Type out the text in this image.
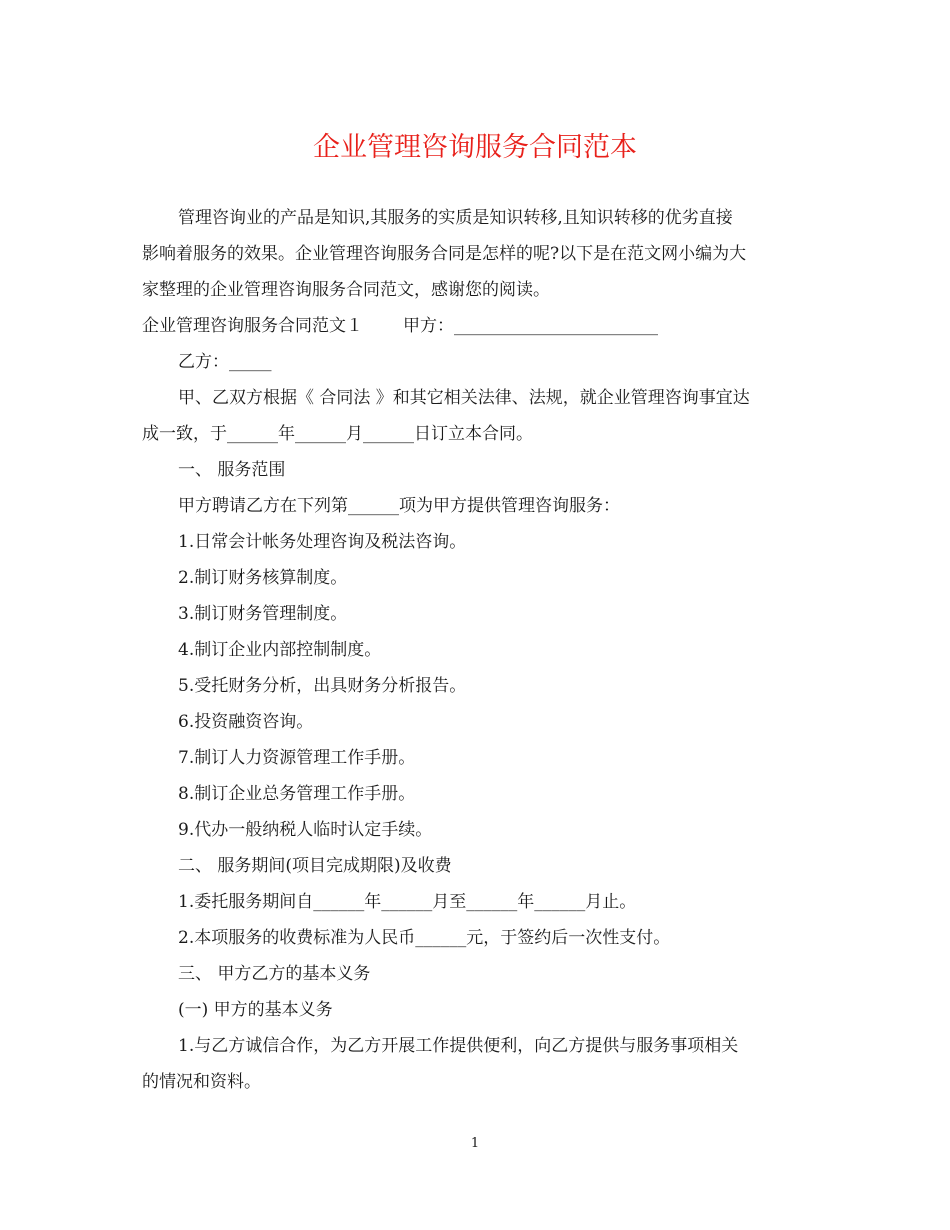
企业管理咨询服务合同范本

管理咨询业的产品是知识,其服务的实质是知识转移,且知识转移的优劣直接

影响着服务的效果。企业管理咨询服务合同是怎样的呢?以下是在范文网小编为大

家整理的企业管理咨询服务合同范文，感谢您的阅读。

企业管理咨询服务合同范文１ 甲方：________________________

乙方：_____

甲、乙双方根据《 合同法 》和其它相关法律、法规，就企业管理咨询事宜达

成一致，于______年______月______日订立本合同。

一、 服务范围

甲方聘请乙方在下列第______项为甲方提供管理咨询服务：

1.日常会计帐务处理咨询及税法咨询。

2.制订财务核算制度。

3.制订财务管理制度。

4.制订企业内部控制制度。

5.受托财务分析，出具财务分析报告。

6.投资融资咨询。

7.制订人力资源管理工作手册。

8.制订企业总务管理工作手册。

9.代办一般纳税人临时认定手续。

二、 服务期间(项目完成期限)及收费

1.委托服务期间自______年______月至______年______月止。

2.本项服务的收费标准为人民币______元，于签约后一次性支付。

三、 甲方乙方的基本义务

(一) 甲方的基本义务

1.与乙方诚信合作，为乙方开展工作提供便利，向乙方提供与服务事项相关

的情况和资料。

1
